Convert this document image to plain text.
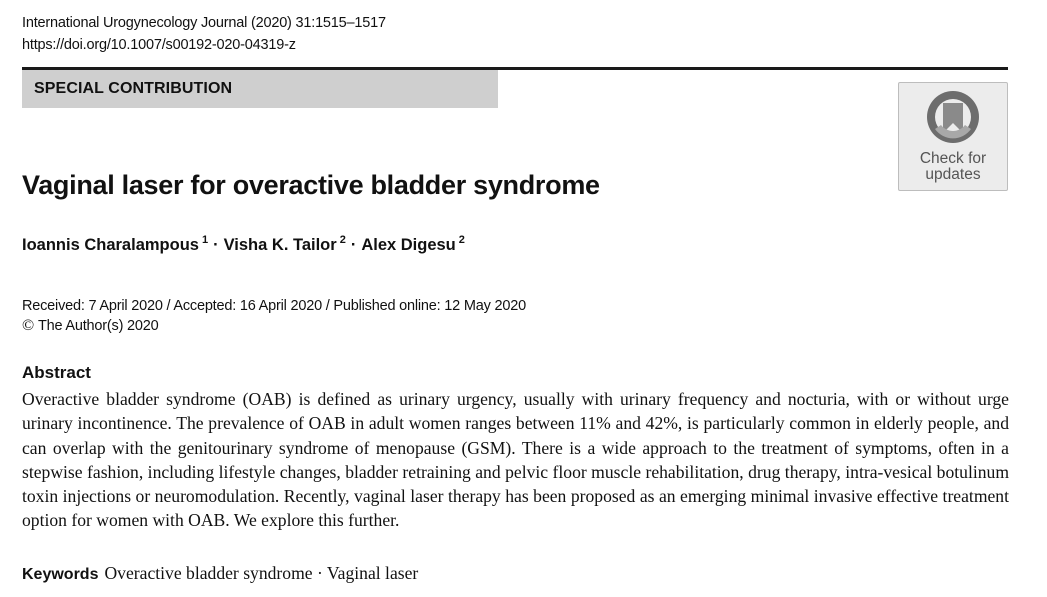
International Urogynecology Journal (2020) 31:1515–1517
https://doi.org/10.1007/s00192-020-04319-z
SPECIAL CONTRIBUTION
Check for
updates
Vaginal laser for overactive bladder syndrome
Ioannis Charalampous $^1$ · Visha K. Tailor $^2$ · Alex Digesu $^2$
Received: 7 April 2020 / Accepted: 16 April 2020 / Published online: 12 May 2020
© The Author(s) 2020
Abstract

Overactive bladder syndrome (OAB) is defined as urinary urgency, usually with urinary frequency and nocturia, with or without urge urinary incontinence. The prevalence of OAB in adult women ranges between 11% and 42%, is particularly common in elderly people, and can overlap with the genitourinary syndrome of menopause (GSM). There is a wide approach to the treatment of symptoms, often in a stepwise fashion, including lifestyle changes, bladder retraining and pelvic floor muscle rehabilitation, drug therapy, intra-vesical botulinum toxin injections or neuromodulation. Recently, vaginal laser therapy has been proposed as an emerging minimal invasive effective treatment option for women with OAB. We explore this further.

Keywords Overactive bladder syndrome · Vaginal laser
